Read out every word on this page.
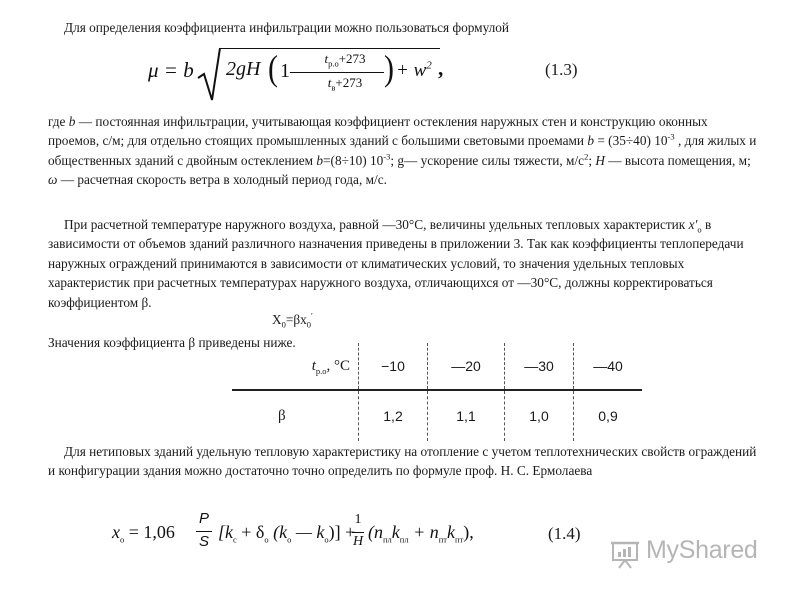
Для определения коэффициента инфильтрации можно пользоваться формулой

μ = b 2gH ( 1—
$t_{р.о}+273$
$t_в+273$ ) + $w^2$ ,	(1.3)

где b — постоянная инфильтрации, учитывающая коэффициент остекления наружных стен и конструкцию оконных проемов, с/м; для отдельно стоящих промышленных зданий с большими световыми проемами b = (35÷40) $10^{-3}$ , для жилых и общественных зданий с двойным остеклением b=(8÷10) $10^{-3}$; g— ускорение силы тяжести, $м/с^2$; H — высота помещения, м; ω — расчетная скорость ветра в холодный период года, м/с.

При расчетной температуре наружного воздуха, равной —30°С, величины удельных тепловых характеристик $x'_о$ в зависимости от объемов зданий различного назначения приведены в приложении 3. Так как коэффициенты теплопередачи наружных ограждений принимаются в зависимости от климатических условий, то значения удельных тепловых характеристик при расчетных температурах наружного воздуха, отличающихся от —30°С, должны корректироваться коэффициентом β.

$Х_0=\beta х_0'$

Значения коэффициента β приведены ниже.

$t_{р.о}$, °С	−10	—20	—30	—40
β	1,2	1,1	1,0	0,9

Для нетиповых зданий удельную тепловую характеристику на отопление с учетом теплотехнических свойств ограждений и конфигурации здания можно достаточно точно определить по формуле проф. Н. С. Ермолаева

$x_о = 1,06$
P
S [$k_с + \delta_о$ ($k_о$ — $k_о$)] +
1
H $(n_{пл}k_{пл} + n_{пт}k_{пт})$,	(1.4)
MyShared
